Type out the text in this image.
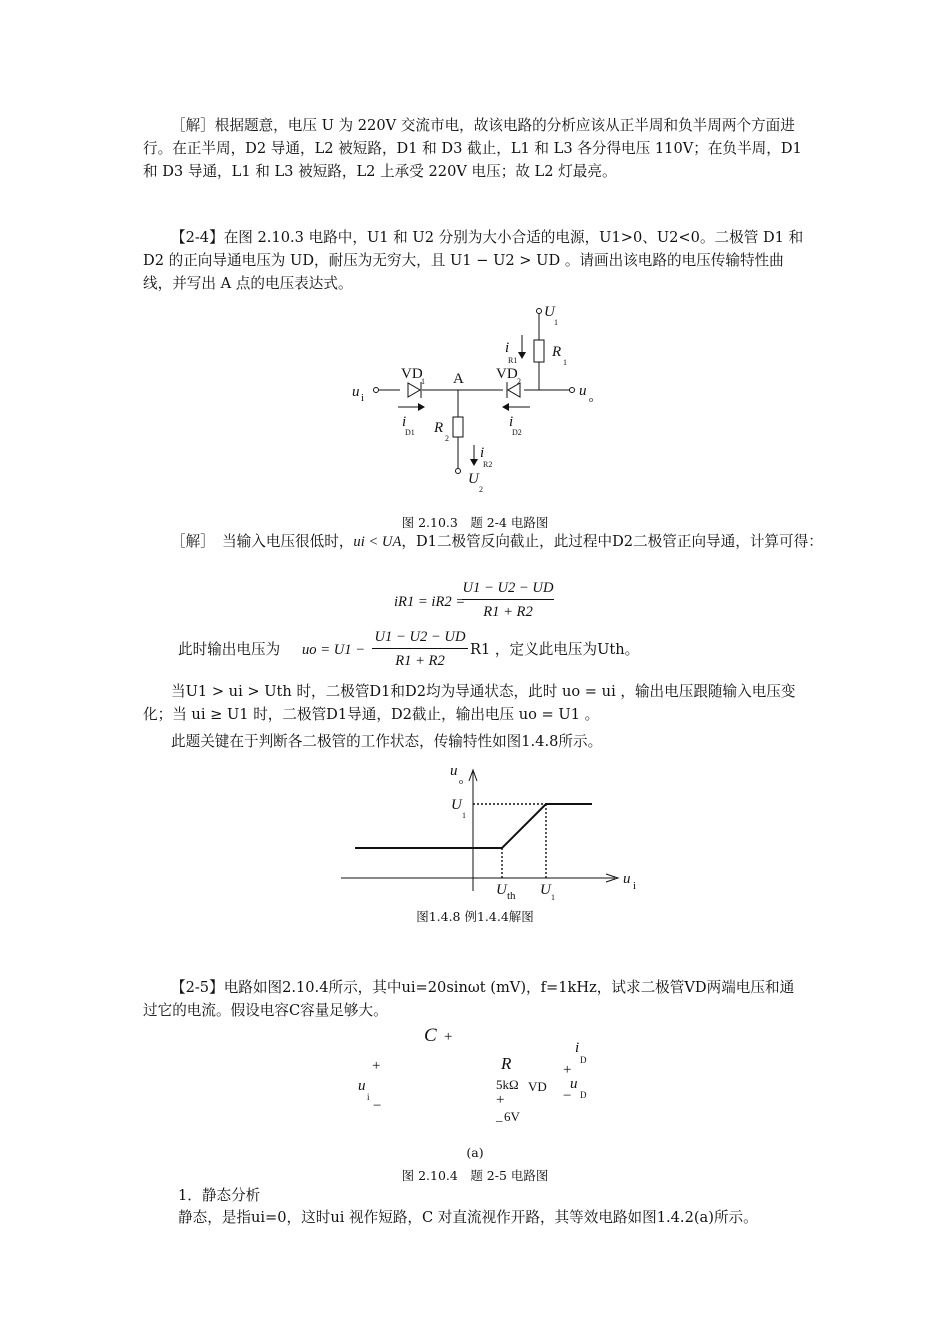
［解］根据题意，电压 U 为 220V 交流市电，故该电路的分析应该从正半周和负半周两个方面进行。在正半周，D2 导通，L2 被短路，D1 和 D3 截止，L1 和 L3 各分得电压 110V；在负半周，D1 和 D3 导通，L1 和 L3 被短路，L2 上承受 220V 电压；故 L2 灯最亮。

【2-4】在图 2.10.3 电路中，U1 和 U2 分别为大小合适的电源，U1>0、U2<0。二极管 D1 和 D2 的正向导通电压为 UD，耐压为无穷大，且 U1 − U2 > UD 。请画出该电路的电压传输特性曲线，并写出 A 点的电压表达式。

U
1
i
R1
R
1
VD
1 A VD 2
u i	u
o
i
D1
i
D2
R
2
i
R2
U
2

图 2.10.3　题 2-4 电路图

［解］　当输入电压很低时，ui < UA，D1二极管反向截止，此过程中D2二极管正向导通，计算可得：
iR1 = iR2 =
U1 − U2 − UD
R1 + R2
此时输出电压为 uo = U1 −
U1 − U2 − UD
R1 + R2
R1 ，定义此电压为Uth。

当U1 > ui > Uth 时，二极管D1和D2均为导通状态，此时 uo = ui ，输出电压跟随输入电压变化；当 ui ≥ U1 时，二极管D1导通，D2截止，输出电压 uo = U1 。

此题关键在于判断各二极管的工作状态，传输特性如图1.4.8所示。

u
o
U
1
u i
U th U 1

图1.4.8 例1.4.4解图

【2-5】电路如图2.10.4所示，其中ui=20sinωt (mV)，f=1kHz，试求二极管VD两端电压和通过它的电流。假设电容C容量足够大。

C +
+
u
i
−
R
5kΩ VD
+
_ 6V
i
D
+
u
D
−

(a)

图 2.10.4　题 2-5 电路图

1．静态分析
静态，是指ui=0，这时ui 视作短路，C 对直流视作开路，其等效电路如图1.4.2(a)所示。
